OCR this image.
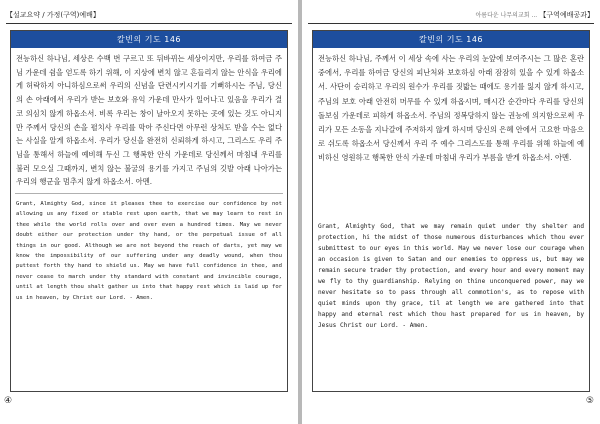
【설교요약 / 가정(구역)예배】
칼빈의 기도 146

전능하신 하나님, 세상은 수백 번 구르고 또 뒤바뀌는 세상이지만, 우리를 하여금 주님 가운데 쉼을 얻도록 하기 위해, 이 지상에 변치 않고 흔들리지 않는 안식을 우리에게 허락하지 아니하심으로써 우리의 신념을 단련시키시기를 기뻐하시는 주님, 당신의 손 아래에서 우리가 받는 보호와 유익 가운데 만사가 일어나고 있음을 우리가 결코 의심치 않게 하옵소서. 비록 우리는 창이 날아오지 못하는 곳에 있는 것도 아니지만 주께서 당신의 손을 펼치사 우리를 막아 주신다면 아무런 상처도 받을 수는 없다는 사실을 알게 하옵소서. 우리가 당신을 완전히 신뢰하게 하시고, 그리스도 우리 주님을 통해서 하늘에 예비해 두신 그 행복한 안식 가운데로 당신께서 마침내 우리를 불러 모으실 그때까지, 변치 않는 불굴의 용기를 가지고 주님의 깃발 아래 나아가는 우리의 행군을 멈추지 않게 하옵소서. 아멘.

Grant, Almighty God, since it pleases thee to exercise our confidence by not allowing us any fixed or stable rest upon earth, that we may learn to rest in thee while the world rolls over and over even a hundred times. May we never doubt either our protection under thy hand, or the perpetual issue of all things in our good. Although we are not beyond the reach of darts, yet may we know the impossibility of our suffering under any deadly wound, when thou puttest forth thy hand to shield us. May we have full confidence in thee, and never cease to march under thy standard with constant and invincible courage, until at length thou shalt gather us into that happy rest which is laid up for us in heaven, by Christ our Lord. - Amen.

④
아름다운 나무의교회 ... 【구역예배공과】
칼빈의 기도 146

전능하신 하나님, 주께서 이 세상 속에 사는 우리의 눈앞에 보여주시는 그 많은 혼란 중에서, 우리를 하여금 당신의 피난처와 보호하심 아래 잠잠히 있을 수 있게 하옵소서. 사단이 승리하고 우리의 원수가 우리를 짓밟는 때에도 용기를 잃지 않게 하시고, 주님의 보호 아래 안전히 머무를 수 있게 하옵시며, 매시간 순간마다 우리를 당신의 돌보심 가운데로 피하게 하옵소서. 주님의 정복당하지 않는 권능에 의지함으로써 우리가 모든 소동을 지나갈에 주저하지 않게 하시며 당신의 은혜 안에서 고요한 마음으로 쉬도록 하옵소서 당신께서 우리 주 예수 그리스도를 통해 우리를 위해 하늘에 예비하신 영원하고 행복한 안식 가운데 마침내 우리가 부름을 받게 하옵소서. 아멘.

Grant, Almighty God, that we may remain quiet under thy shelter and protection, hi the midst of those numerous disturbances which thou ever submittest to our eyes in this world. May we never lose our courage when an occasion is given to Satan and our enemies to oppress us, but may we remain secure trader thy protection, and every hour and every moment may we fly to thy guardianship. Relying on thine unconquered power, may we never hesitate so to pass through all commotion's, as to repose with quiet minds upon thy grace, til at length we are gathered into that happy and eternal rest which thou hast prepared for us in heaven, by Jesus Christ our Lord. - Amen.

⑤
